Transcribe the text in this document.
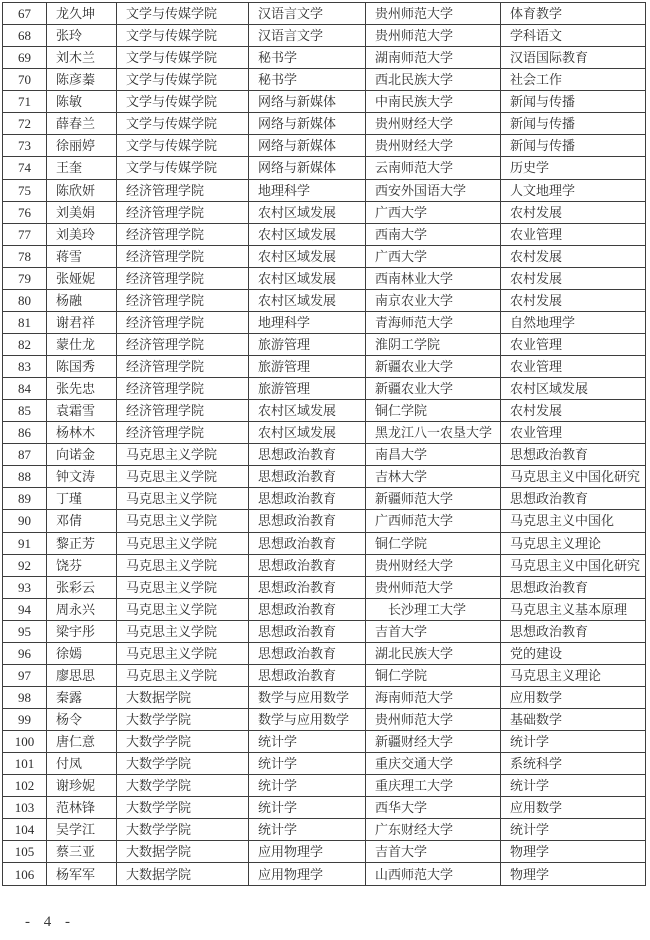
67	龙久坤	文学与传媒学院	汉语言文学	贵州师范大学	体育教学
68	张玲	文学与传媒学院	汉语言文学	贵州师范大学	学科语文
69	刘木兰	文学与传媒学院	秘书学	湖南师范大学	汉语国际教育
70	陈彦蓁	文学与传媒学院	秘书学	西北民族大学	社会工作
71	陈敏	文学与传媒学院	网络与新媒体	中南民族大学	新闻与传播
72	薛春兰	文学与传媒学院	网络与新媒体	贵州财经大学	新闻与传播
73	徐丽婷	文学与传媒学院	网络与新媒体	贵州财经大学	新闻与传播
74	王奎	文学与传媒学院	网络与新媒体	云南师范大学	历史学
75	陈欣妍	经济管理学院	地理科学	西安外国语大学	人文地理学
76	刘美娟	经济管理学院	农村区域发展	广西大学	农村发展
77	刘美玲	经济管理学院	农村区域发展	西南大学	农业管理
78	蒋雪	经济管理学院	农村区域发展	广西大学	农村发展
79	张娅妮	经济管理学院	农村区域发展	西南林业大学	农村发展
80	杨融	经济管理学院	农村区域发展	南京农业大学	农村发展
81	谢君祥	经济管理学院	地理科学	青海师范大学	自然地理学
82	蒙仕龙	经济管理学院	旅游管理	淮阴工学院	农业管理
83	陈国秀	经济管理学院	旅游管理	新疆农业大学	农业管理
84	张先忠	经济管理学院	旅游管理	新疆农业大学	农村区域发展
85	袁霜雪	经济管理学院	农村区域发展	铜仁学院	农村发展
86	杨林木	经济管理学院	农村区域发展	黑龙江八一农垦大学	农业管理
87	向诺金	马克思主义学院	思想政治教育	南昌大学	思想政治教育
88	钟文涛	马克思主义学院	思想政治教育	吉林大学	马克思主义中国化研究
89	丁瑾	马克思主义学院	思想政治教育	新疆师范大学	思想政治教育
90	邓倩	马克思主义学院	思想政治教育	广西师范大学	马克思主义中国化
91	黎正芳	马克思主义学院	思想政治教育	铜仁学院	马克思主义理论
92	饶芬	马克思主义学院	思想政治教育	贵州财经大学	马克思主义中国化研究
93	张彩云	马克思主义学院	思想政治教育	贵州师范大学	思想政治教育
94	周永兴	马克思主义学院	思想政治教育	　长沙理工大学	马克思主义基本原理
95	梁宇彤	马克思主义学院	思想政治教育	吉首大学	思想政治教育
96	徐嫣	马克思主义学院	思想政治教育	湖北民族大学	党的建设
97	廖思思	马克思主义学院	思想政治教育	铜仁学院	马克思主义理论
98	秦露	大数据学院	数学与应用数学	海南师范大学	应用数学
99	杨令	大数学学院	数学与应用数学	贵州师范大学	基础数学
100	唐仁意	大数学学院	统计学	新疆财经大学	统计学
101	付凤	大数学学院	统计学	重庆交通大学	系统科学
102	谢珍妮	大数学学院	统计学	重庆理工大学	统计学
103	范林锋	大数学学院	统计学	西华大学	应用数学
104	吴学江	大数学学院	统计学	广东财经大学	统计学
105	蔡三亚	大数据学院	应用物理学	吉首大学	物理学
106	杨军军	大数据学院	应用物理学	山西师范大学	物理学
- 4 -
